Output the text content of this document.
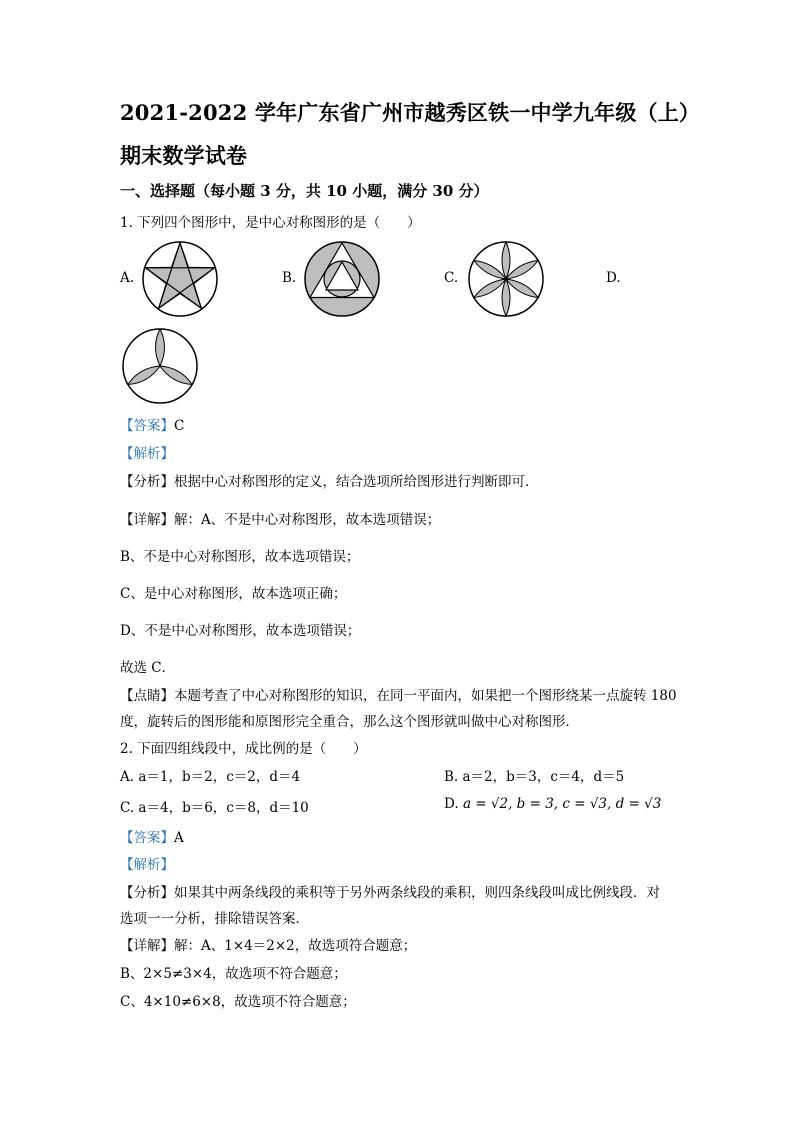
2021-2022 学年广东省广州市越秀区铁一中学九年级（上）
期末数学试卷
一、选择题（每小题 3 分，共 10 小题，满分 30 分）
1. 下列四个图形中，是中心对称图形的是（　　）
A.	B.	C.	D.
【答案】C
【解析】
【分析】根据中心对称图形的定义，结合选项所给图形进行判断即可．
【详解】解：A、不是中心对称图形，故本选项错误；
B、不是中心对称图形，故本选项错误；
C、是中心对称图形，故本选项正确；
D、不是中心对称图形，故本选项错误；
故选 C．
【点睛】本题考查了中心对称图形的知识，在同一平面内，如果把一个图形绕某一点旋转 180
度，旋转后的图形能和原图形完全重合，那么这个图形就叫做中心对称图形．
2. 下面四组线段中，成比例的是（　　）
A. a＝1，b＝2，c＝2，d＝4	B. a＝2，b＝3，c＝4，d＝5
C. a＝4，b＝6，c＝8，d＝10	D. a = √2, b = 3, c = √3, d = √3
【答案】A
【解析】
【分析】如果其中两条线段的乘积等于另外两条线段的乘积，则四条线段叫成比例线段．对
选项一一分析，排除错误答案．
【详解】解：A、1×4＝2×2，故选项符合题意；
B、2×5≠3×4，故选项不符合题意；
C、4×10≠6×8，故选项不符合题意；
